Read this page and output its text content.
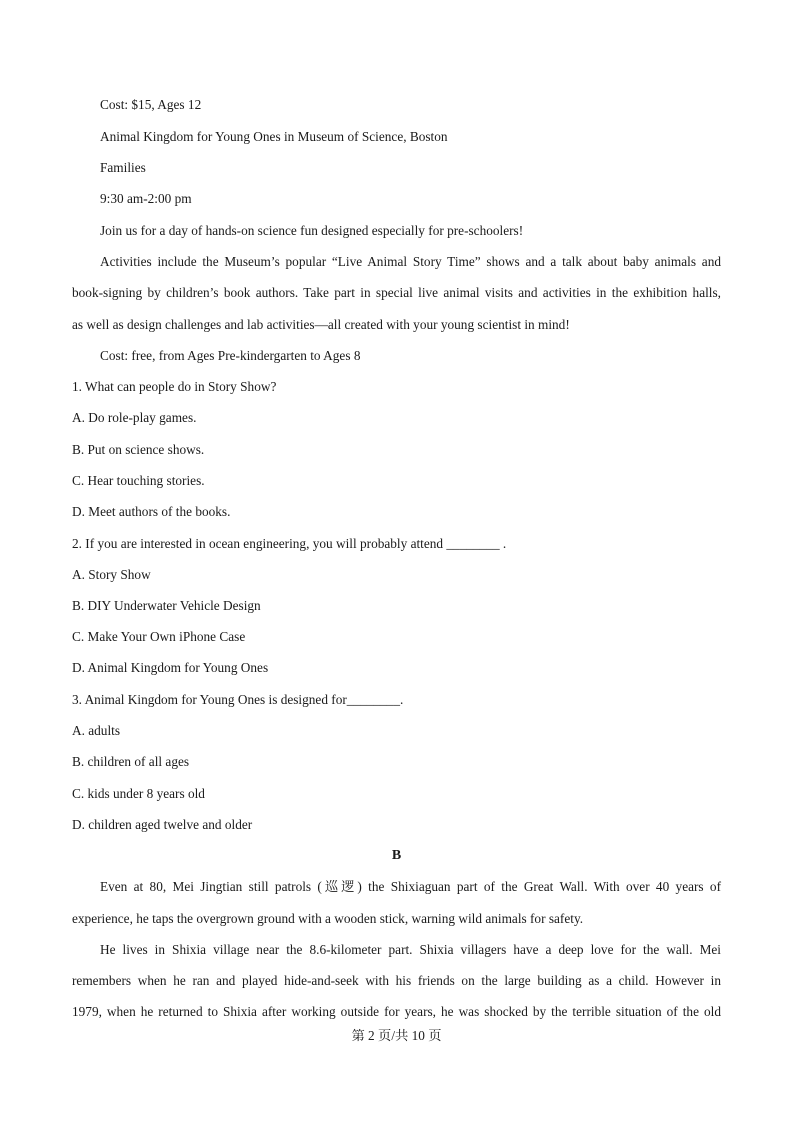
Cost: $15, Ages 12
Animal Kingdom for Young Ones in Museum of Science, Boston
Families
9:30 am-2:00 pm
Join us for a day of hands-on science fun designed especially for pre-schoolers!
Activities include the Museum’s popular “Live Animal Story Time” shows and a talk about baby animals and
book-signing by children’s book authors. Take part in special live animal visits and activities in the exhibition halls,
as well as design challenges and lab activities—all created with your young scientist in mind!
Cost: free, from Ages Pre-kindergarten to Ages 8
1. What can people do in Story Show?
A. Do role-play games.
B. Put on science shows.
C. Hear touching stories.
D. Meet authors of the books.
2. If you are interested in ocean engineering, you will probably attend ________ .
A. Story Show
B. DIY Underwater Vehicle Design
C. Make Your Own iPhone Case
D. Animal Kingdom for Young Ones
3. Animal Kingdom for Young Ones is designed for________.
A. adults
B. children of all ages
C. kids under 8 years old
D. children aged twelve and older
B
Even at 80, Mei Jingtian still patrols (巡逻) the Shixiaguan part of the Great Wall. With over 40 years of
experience, he taps the overgrown ground with a wooden stick, warning wild animals for safety.
He lives in Shixia village near the 8.6-kilometer part. Shixia villagers have a deep love for the wall. Mei
remembers when he ran and played hide-and-seek with his friends on the large building as a child. However in
1979, when he returned to Shixia after working outside for years, he was shocked by the terrible situation of the old
第 2 页/共 10 页
